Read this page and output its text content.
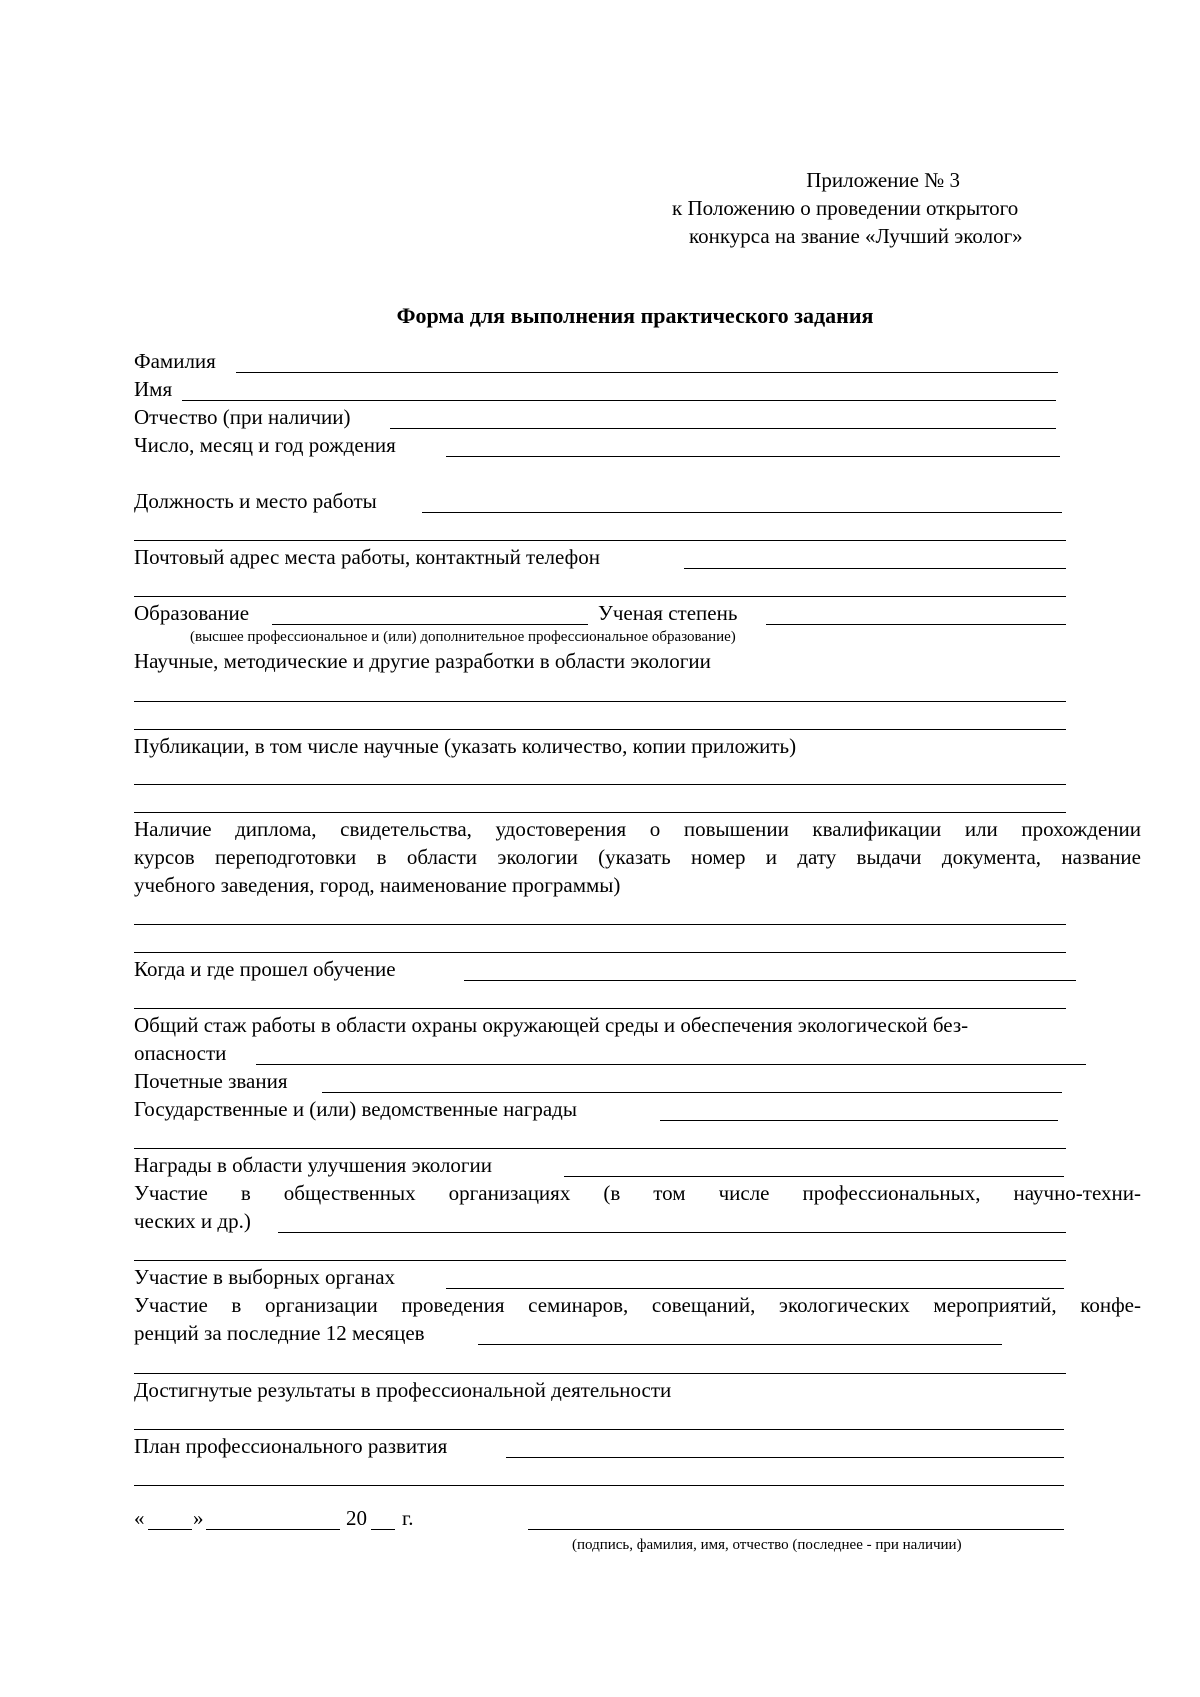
Приложение № 3
к Положению о проведении открытого
конкурса на звание «Лучший эколог»
Форма для выполнения практического задания
Фамилия
Имя
Отчество (при наличии)
Число, месяц и год рождения
Должность и место работы
Почтовый адрес места работы, контактный телефон
Образование	Ученая степень
(высшее профессиональное и (или) дополнительное профессиональное образование)
Научные, методические и другие разработки в области экологии
Публикации, в том числе научные (указать количество, копии приложить)
Наличие диплома, свидетельства, удостоверения о повышении квалификации или прохождении
курсов переподготовки в области экологии (указать номер и дату выдачи документа, название
учебного заведения, город, наименование программы)
Когда и где прошел обучение
Общий стаж работы в области охраны окружающей среды и обеспечения экологической без-
опасности
Почетные звания
Государственные и (или) ведомственные награды
Награды в области улучшения экологии
Участие в общественных организациях (в том числе профессиональных, научно-техни-
ческих и др.)
Участие в выборных органах
Участие в организации проведения семинаров, совещаний, экологических мероприятий, конфе-
ренций за последние 12 месяцев
Достигнутые результаты в профессиональной деятельности
План профессионального развития
« »	20 г.
(подпись, фамилия, имя, отчество (последнее - при наличии)
